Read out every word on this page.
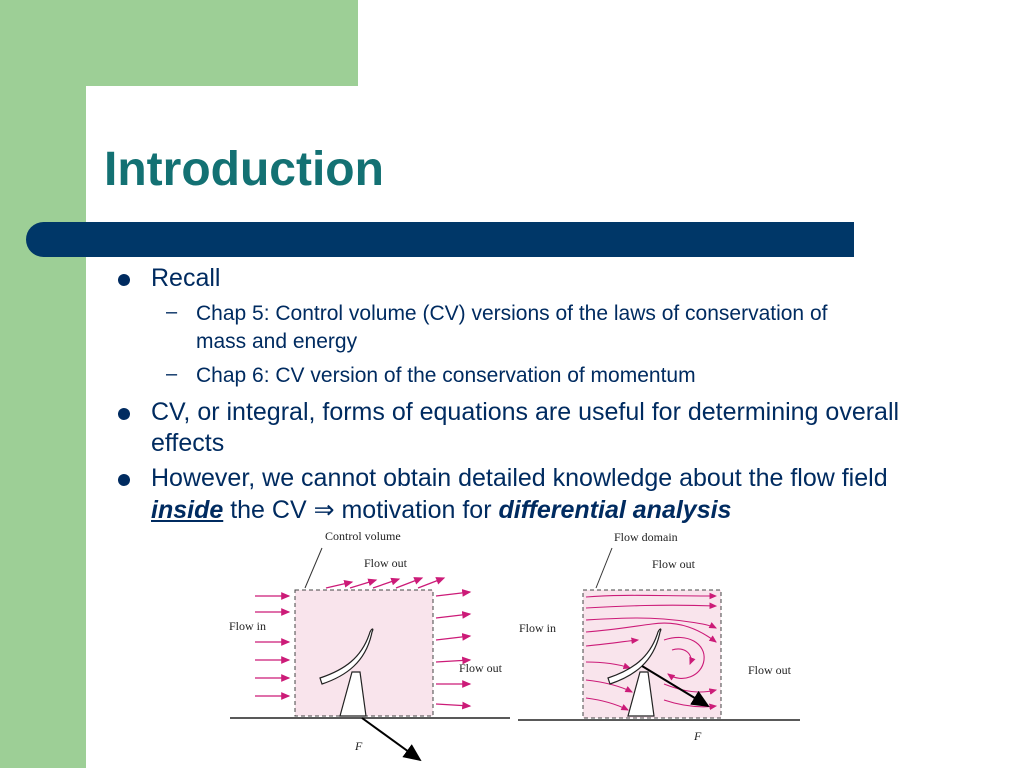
Introduction
Recall
– Chap 5: Control volume (CV) versions of the laws of conservation of
mass and energy
– Chap 6: CV version of the conservation of momentum
CV, or integral, forms of equations are useful for determining overall
effects
However, we cannot obtain detailed knowledge about the flow field
inside the CV ⇒ motivation for differential analysis
Control volume
Flow out
Flow in
Flow out
F
Flow domain
Flow out
Flow in
Flow out
F
